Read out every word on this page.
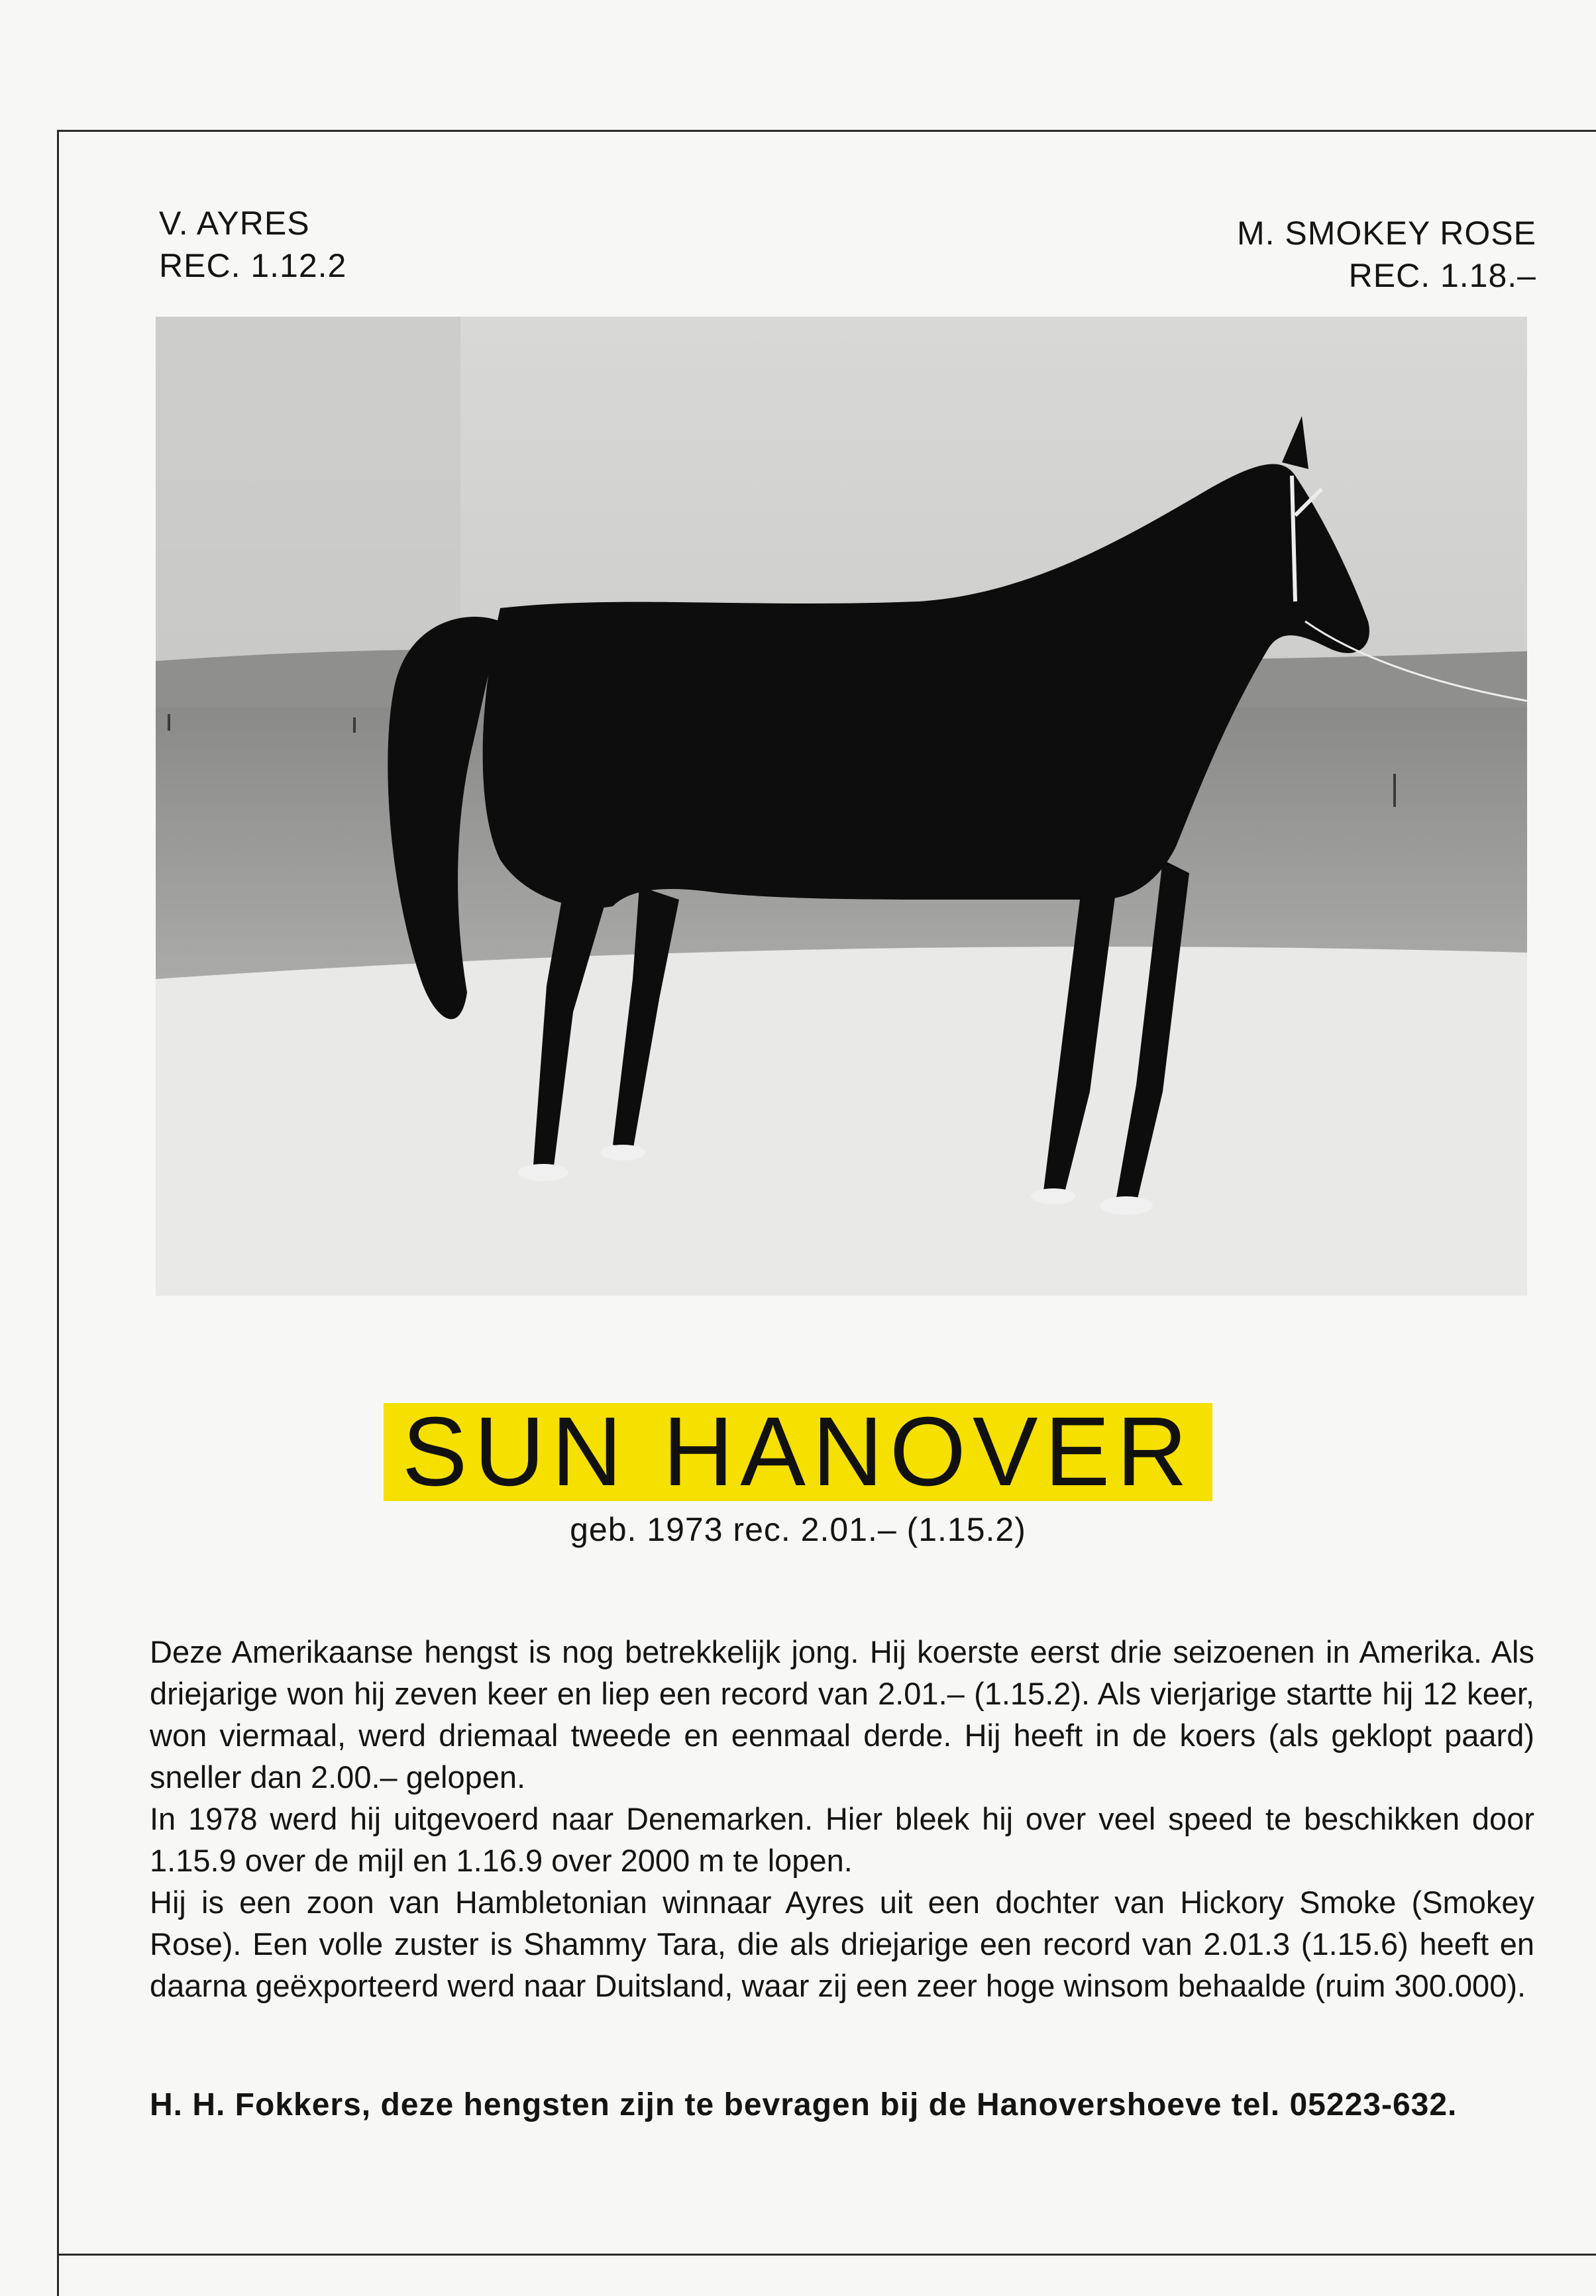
V. AYRES
REC. 1.12.2
M. SMOKEY ROSE
REC. 1.18.–
SUN HANOVER
geb. 1973 rec. 2.01.– (1.15.2)

Deze Amerikaanse hengst is nog betrekkelijk jong. Hij koerste eerst drie seizoenen in Amerika. Als driejarige won hij zeven keer en liep een record van 2.01.– (1.15.2). Als vierjarige startte hij 12 keer, won viermaal, werd driemaal tweede en eenmaal derde. Hij heeft in de koers (als geklopt paard) sneller dan 2.00.– gelopen.

In 1978 werd hij uitgevoerd naar Denemarken. Hier bleek hij over veel speed te beschikken door 1.15.9 over de mijl en 1.16.9 over 2000 m te lopen.

Hij is een zoon van Hambletonian winnaar Ayres uit een dochter van Hickory Smoke (Smokey Rose). Een volle zuster is Shammy Tara, die als driejarige een record van 2.01.3 (1.15.6) heeft en daarna geëxporteerd werd naar Duitsland, waar zij een zeer hoge winsom behaalde (ruim 300.000).

H. H. Fokkers, deze hengsten zijn te bevragen bij de Hanovershoeve tel. 05223-632.
